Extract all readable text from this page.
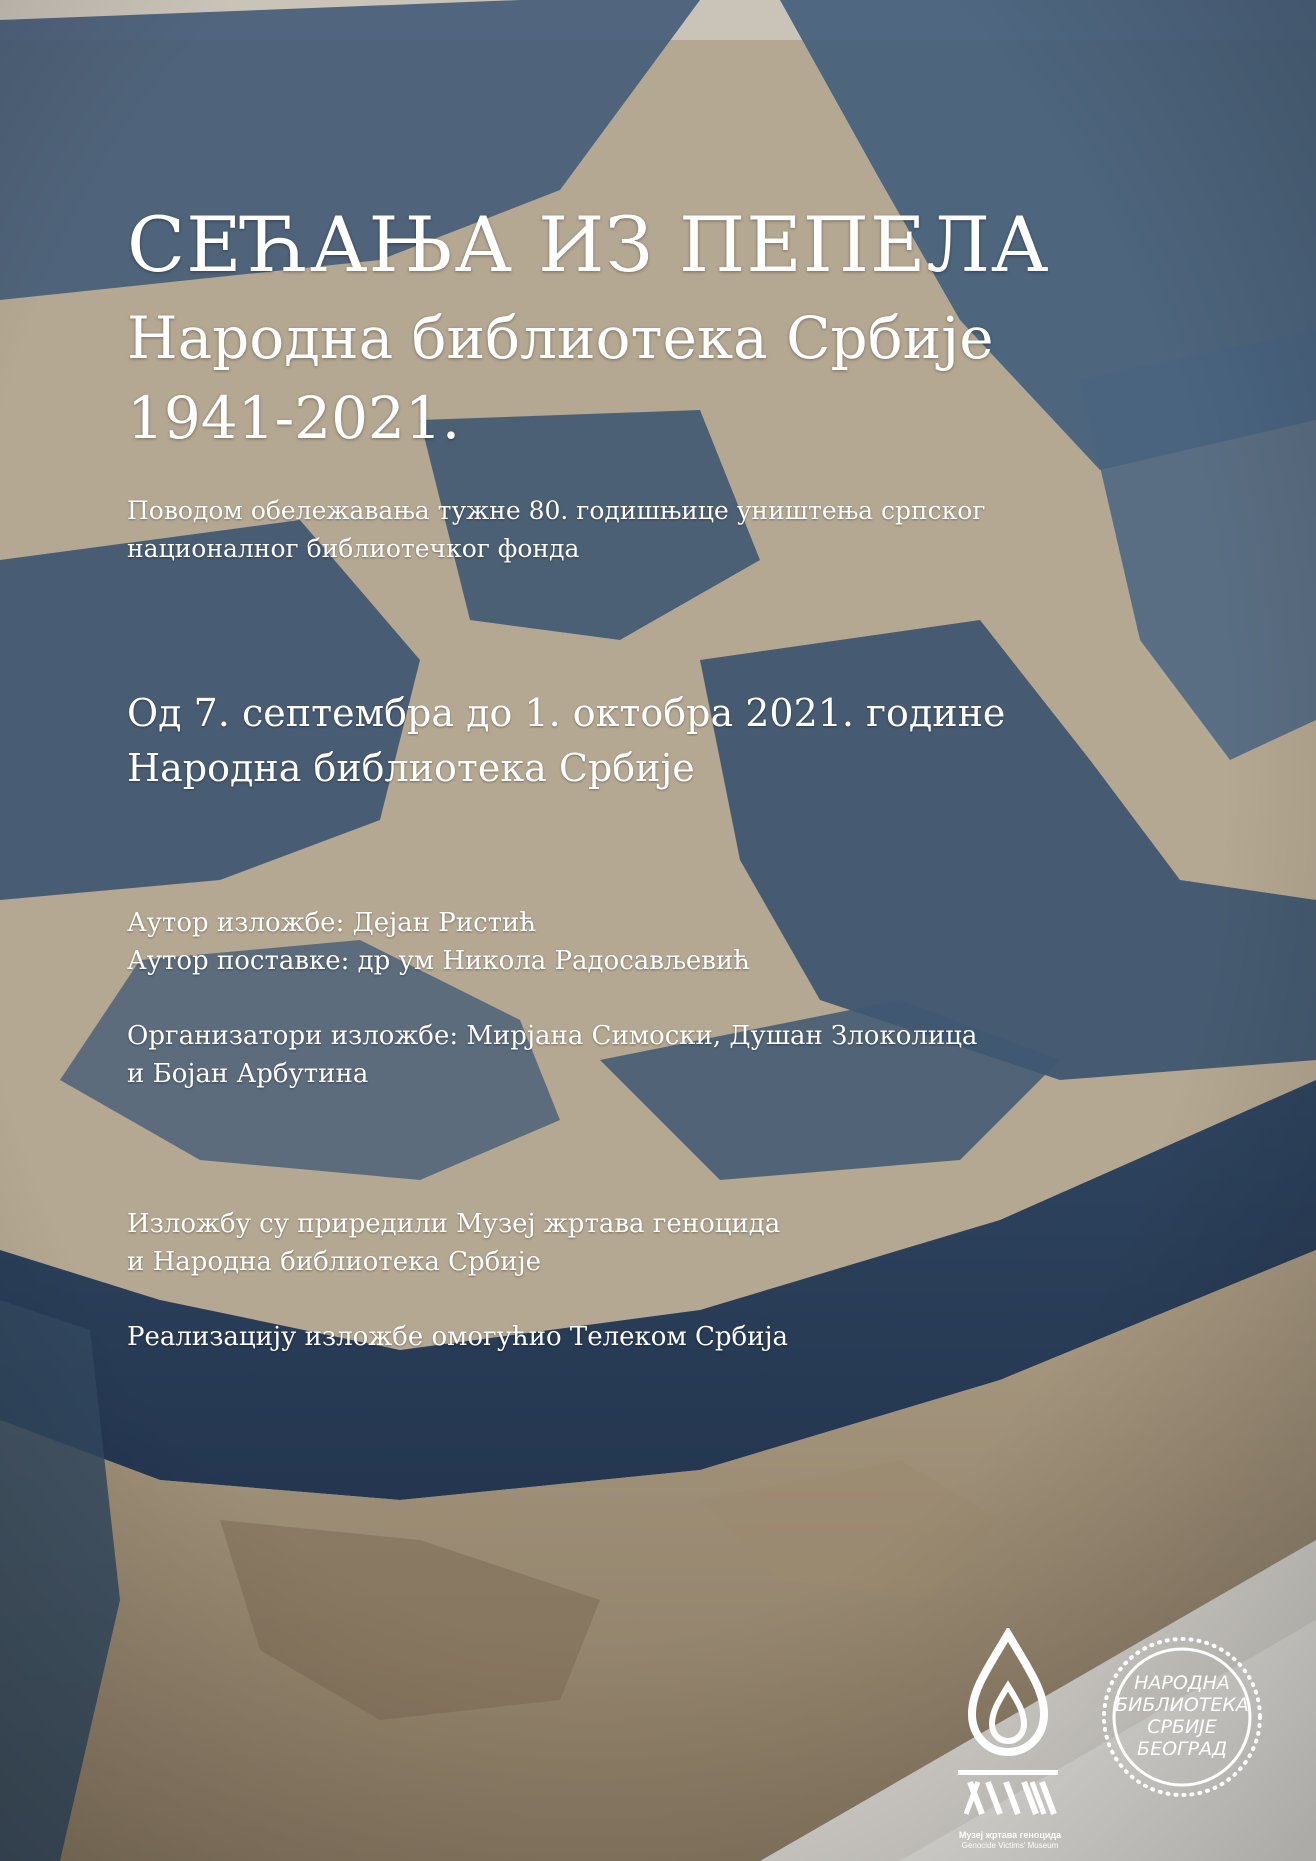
СЕЋАЊА ИЗ ПЕПЕЛА
Народна библиотека Србије
1941-2021.
Поводом обележавања тужне 80. годишњице уништења српског
националног библиотечког фонда
Од 7. септембра до 1. октобра 2021. године
Народна библиотека Србије
Аутор изложбе: Дејан Ристић
Аутор поставке: др ум Никола Радосављевић
Организатори изложбе: Мирјана Симоски, Душан Злоколица
и Бојан Арбутина
Изложбу су приредили Музеј жртава геноцида
и Народна библиотека Србије
Реализацију изложбе омогућио Телеком Србија
Музеј жртава геноцида
Genocide Victims' Museum
НАРОДНА
БИБЛИОТЕКА
СРБИЈЕ
БЕОГРАД
